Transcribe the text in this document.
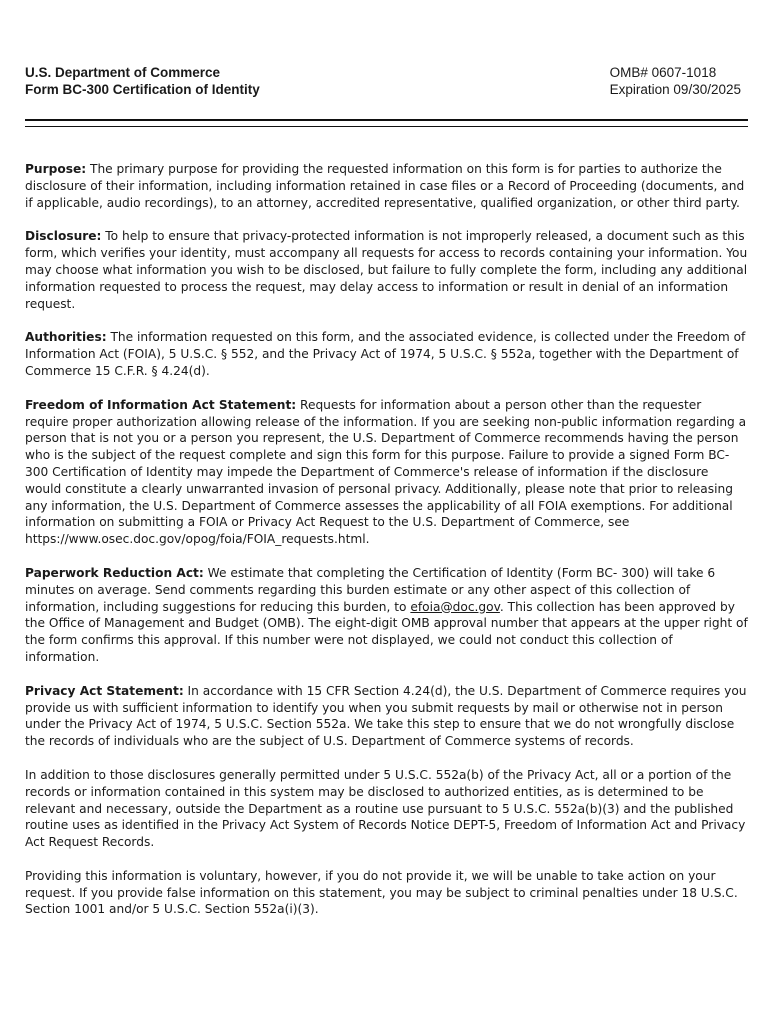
U.S. Department of Commerce
Form BC-300 Certification of Identity
OMB# 0607-1018
Expiration 09/30/2025

Purpose: The primary purpose for providing the requested information on this form is for parties to authorize the disclosure of their information, including information retained in case files or a Record of Proceeding (documents, and if applicable, audio recordings), to an attorney, accredited representative, qualified organization, or other third party.

Disclosure: To help to ensure that privacy-protected information is not improperly released, a document such as this form, which verifies your identity, must accompany all requests for access to records containing your information. You may choose what information you wish to be disclosed, but failure to fully complete the form, including any additional information requested to process the request, may delay access to information or result in denial of an information request.

Authorities: The information requested on this form, and the associated evidence, is collected under the Freedom of Information Act (FOIA), 5 U.S.C. § 552, and the Privacy Act of 1974, 5 U.S.C. § 552a, together with the Department of Commerce 15 C.F.R. § 4.24(d).

Freedom of Information Act Statement: Requests for information about a person other than the requester require proper authorization allowing release of the information. If you are seeking non-public information regarding a person that is not you or a person you represent, the U.S. Department of Commerce recommends having the person who is the subject of the request complete and sign this form for this purpose. Failure to provide a signed Form BC-300 Certification of Identity may impede the Department of Commerce's release of information if the disclosure would constitute a clearly unwarranted invasion of personal privacy. Additionally, please note that prior to releasing any information, the U.S. Department of Commerce assesses the applicability of all FOIA exemptions. For additional information on submitting a FOIA or Privacy Act Request to the U.S. Department of Commerce, see https://www.osec.doc.gov/opog/foia/FOIA_requests.html.

Paperwork Reduction Act: We estimate that completing the Certification of Identity (Form BC- 300) will take 6 minutes on average. Send comments regarding this burden estimate or any other aspect of this collection of information, including suggestions for reducing this burden, to efoia@doc.gov. This collection has been approved by the Office of Management and Budget (OMB). The eight-digit OMB approval number that appears at the upper right of the form confirms this approval. If this number were not displayed, we could not conduct this collection of information.

Privacy Act Statement: In accordance with 15 CFR Section 4.24(d), the U.S. Department of Commerce requires you provide us with sufficient information to identify you when you submit requests by mail or otherwise not in person under the Privacy Act of 1974, 5 U.S.C. Section 552a. We take this step to ensure that we do not wrongfully disclose the records of individuals who are the subject of U.S. Department of Commerce systems of records.

In addition to those disclosures generally permitted under 5 U.S.C. 552a(b) of the Privacy Act, all or a portion of the records or information contained in this system may be disclosed to authorized entities, as is determined to be relevant and necessary, outside the Department as a routine use pursuant to 5 U.S.C. 552a(b)(3) and the published routine uses as identified in the Privacy Act System of Records Notice DEPT-5, Freedom of Information Act and Privacy Act Request Records.

Providing this information is voluntary, however, if you do not provide it, we will be unable to take action on your request. If you provide false information on this statement, you may be subject to criminal penalties under 18 U.S.C. Section 1001 and/or 5 U.S.C. Section 552a(i)(3).
